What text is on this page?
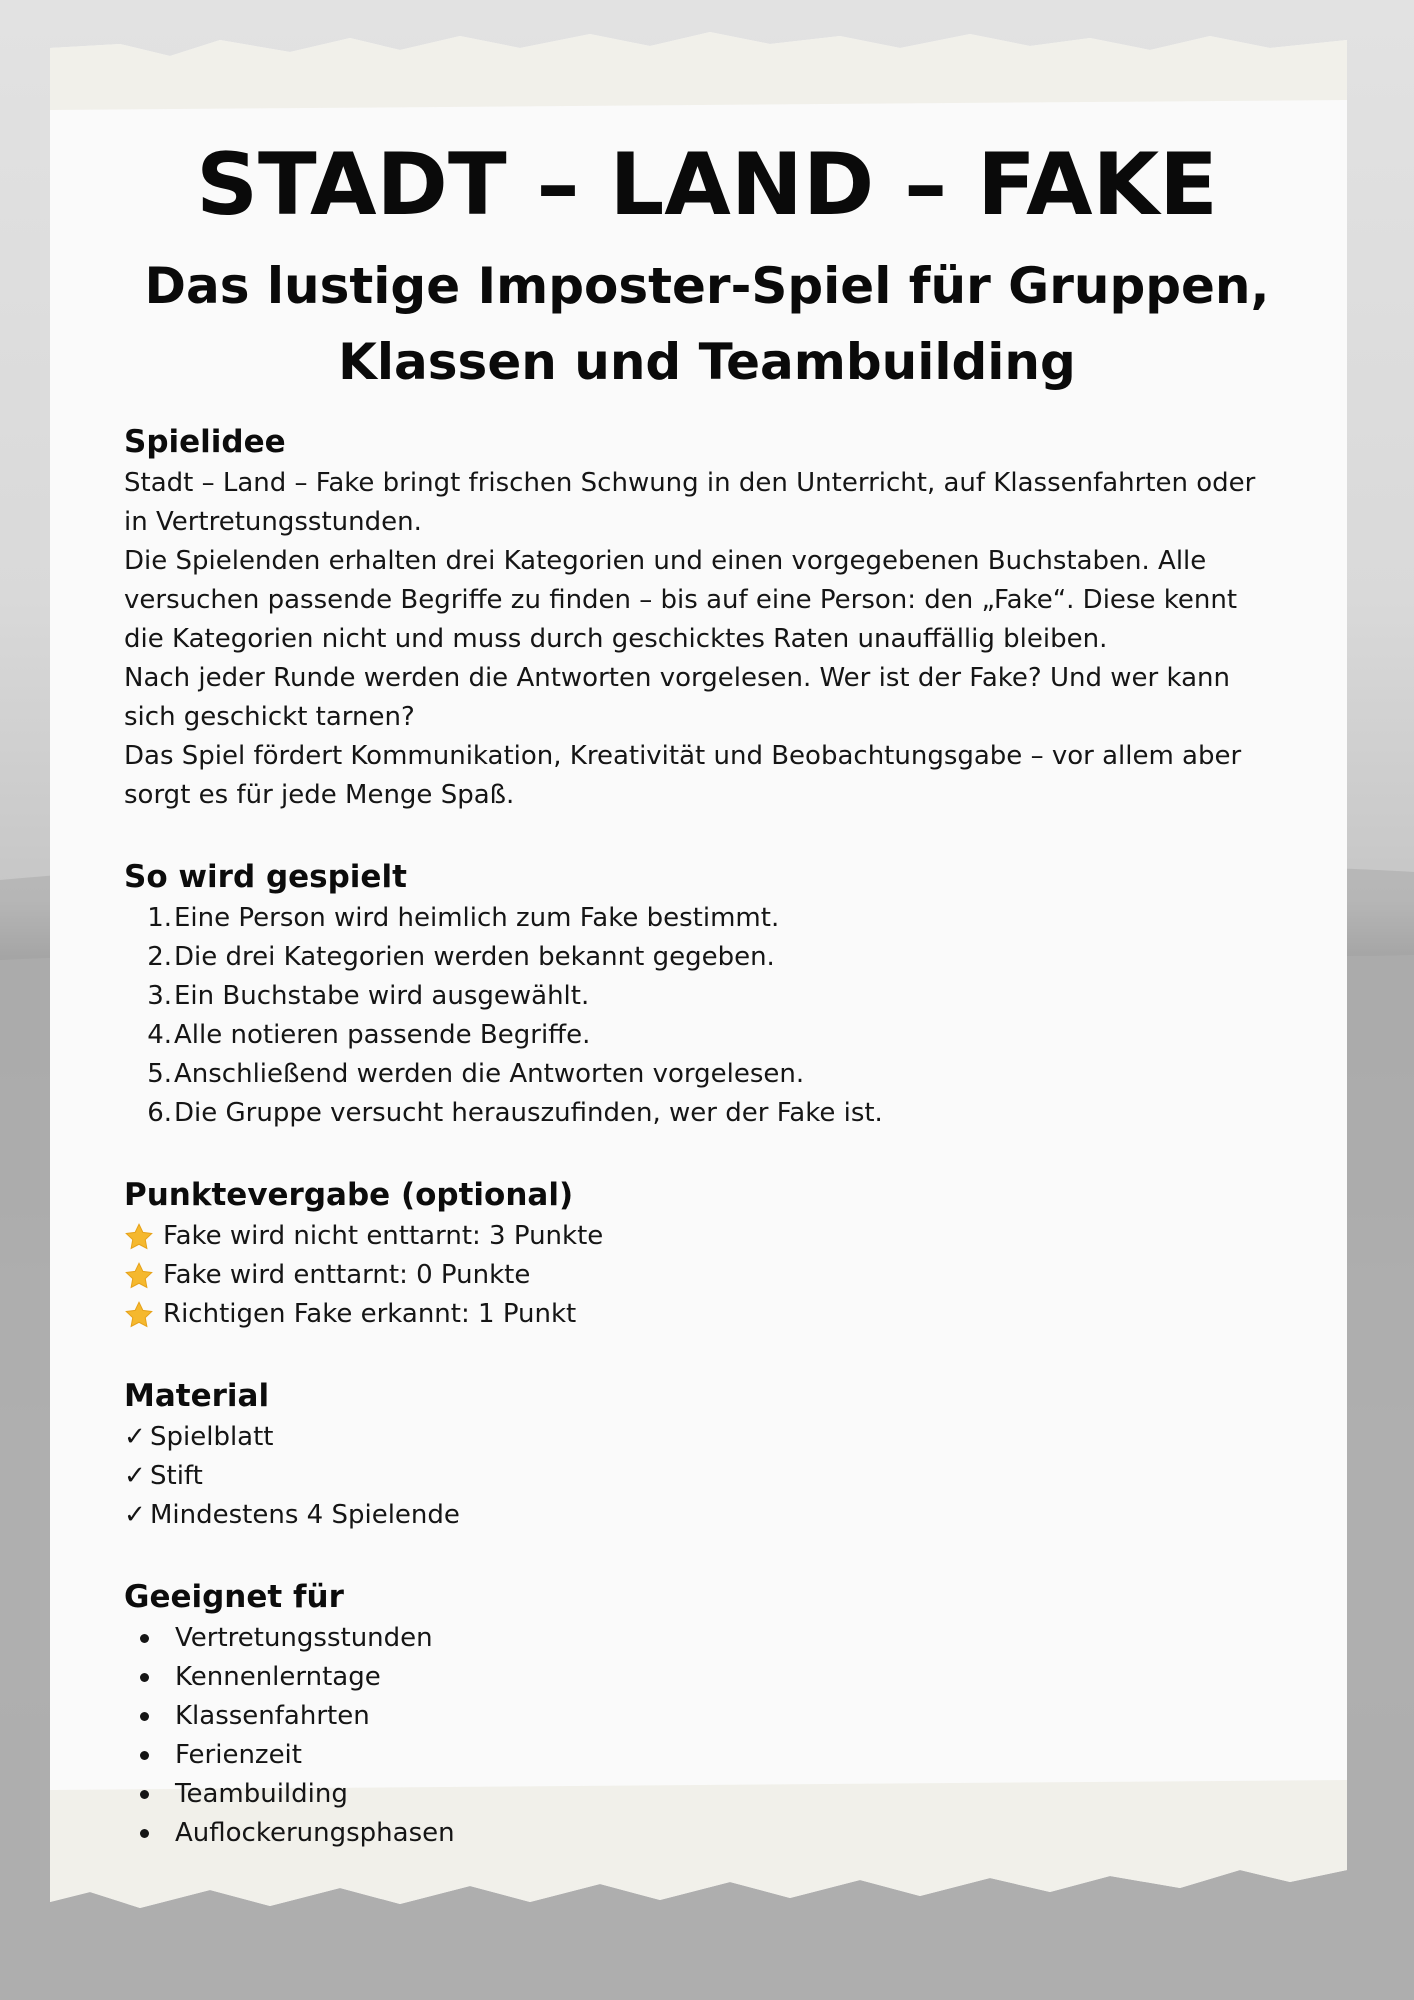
STADT – LAND – FAKE
Das lustige Imposter-Spiel für Gruppen, Klassen und Teambuilding
Spielidee

Stadt – Land – Fake bringt frischen Schwung in den Unterricht, auf Klassenfahrten oder in Vertretungsstunden.

Die Spielenden erhalten drei Kategorien und einen vorgegebenen Buchstaben. Alle versuchen passende Begriffe zu finden – bis auf eine Person: den „Fake“. Diese kennt die Kategorien nicht und muss durch geschicktes Raten unauffällig bleiben.

Nach jeder Runde werden die Antworten vorgelesen. Wer ist der Fake? Und wer kann sich geschickt tarnen?

Das Spiel fördert Kommunikation, Kreativität und Beobachtungsgabe – vor allem aber sorgt es für jede Menge Spaß.

So wird gespielt
1. Eine Person wird heimlich zum Fake bestimmt.
2. Die drei Kategorien werden bekannt gegeben.
3. Ein Buchstabe wird ausgewählt.
4. Alle notieren passende Begriffe.
5. Anschließend werden die Antworten vorgelesen.
6. Die Gruppe versucht herauszufinden, wer der Fake ist.
Punktevergabe (optional)
Fake wird nicht enttarnt: 3 Punkte
Fake wird enttarnt: 0 Punkte
Richtigen Fake erkannt: 1 Punkt
Material
✓ Spielblatt
✓ Stift
✓ Mindestens 4 Spielende
Geeignet für
Vertretungsstunden
Kennenlerntage
Klassenfahrten
Ferienzeit
Teambuilding
Auflockerungsphasen
